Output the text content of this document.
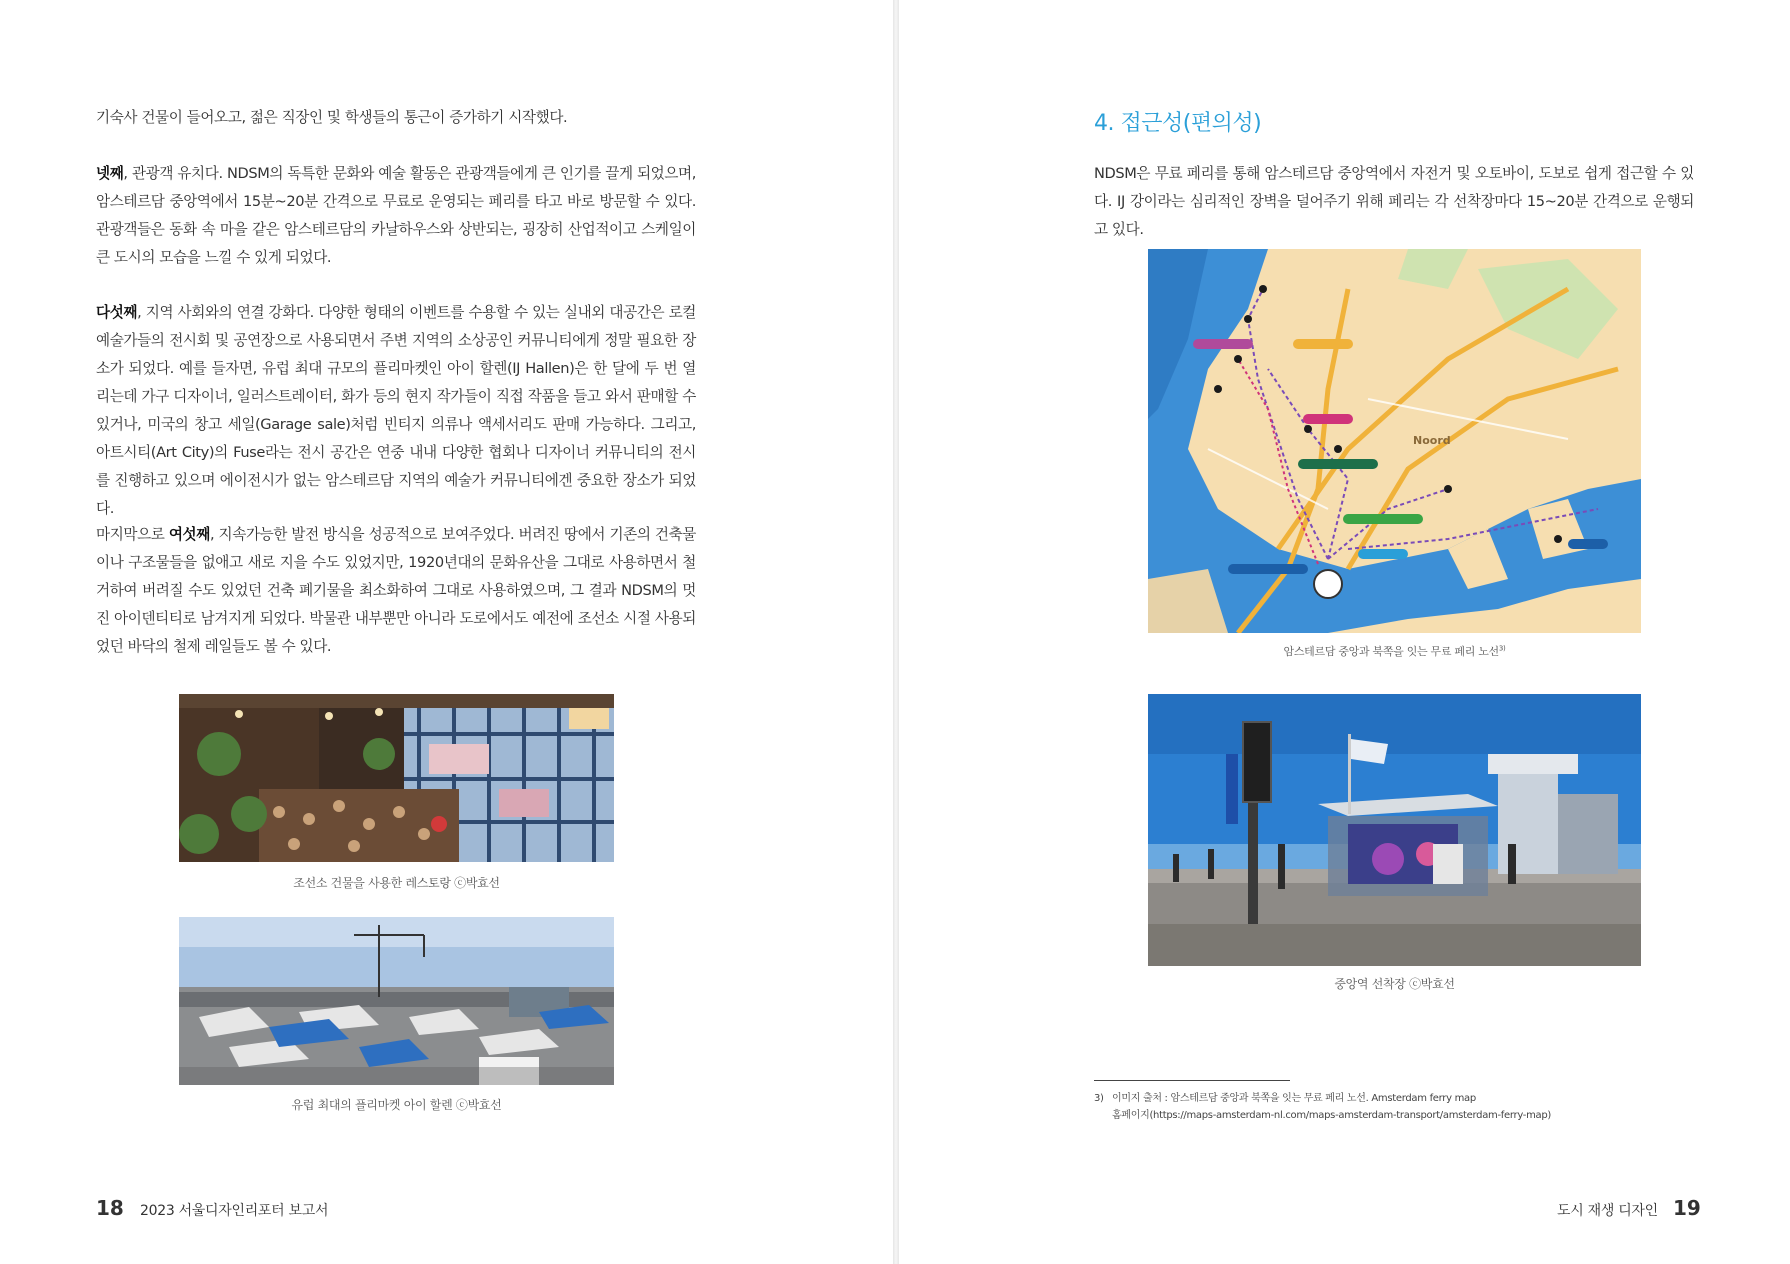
기숙사 건물이 들어오고, 젊은 직장인 및 학생들의 통근이 증가하기 시작했다.

넷째, 관광객 유치다. NDSM의 독특한 문화와 예술 활동은 관광객들에게 큰 인기를 끌게 되었으며, 암스테르담 중앙역에서 15분~20분 간격으로 무료로 운영되는 페리를 타고 바로 방문할 수 있다. 관광객들은 동화 속 마을 같은 암스테르담의 카날하우스와 상반되는, 굉장히 산업적이고 스케일이 큰 도시의 모습을 느낄 수 있게 되었다.

다섯째, 지역 사회와의 연결 강화다. 다양한 형태의 이벤트를 수용할 수 있는 실내외 대공간은 로컬 예술가들의 전시회 및 공연장으로 사용되면서 주변 지역의 소상공인 커뮤니티에게 정말 필요한 장소가 되었다. 예를 들자면, 유럽 최대 규모의 플리마켓인 아이 할렌(IJ Hallen)은 한 달에 두 번 열리는데 가구 디자이너, 일러스트레이터, 화가 등의 현지 작가들이 직접 작품을 들고 와서 판매할 수 있거나, 미국의 창고 세일(Garage sale)처럼 빈티지 의류나 액세서리도 판매 가능하다. 그리고, 아트시티(Art City)의 Fuse라는 전시 공간은 연중 내내 다양한 협회나 디자이너 커뮤니티의 전시를 진행하고 있으며 에이전시가 없는 암스테르담 지역의 예술가 커뮤니티에겐 중요한 장소가 되었다.

마지막으로 여섯째, 지속가능한 발전 방식을 성공적으로 보여주었다. 버려진 땅에서 기존의 건축물이나 구조물들을 없애고 새로 지을 수도 있었지만, 1920년대의 문화유산을 그대로 사용하면서 철거하여 버려질 수도 있었던 건축 폐기물을 최소화하여 그대로 사용하였으며, 그 결과 NDSM의 멋진 아이덴티티로 남겨지게 되었다. 박물관 내부뿐만 아니라 도로에서도 예전에 조선소 시절 사용되었던 바닥의 철제 레일들도 볼 수 있다.

조선소 건물을 사용한 레스토랑 ⓒ박효선
유럽 최대의 플리마켓 아이 할렌 ⓒ박효선
18 2023 서울디자인리포터 보고서
4. 접근성(편의성)

NDSM은 무료 페리를 통해 암스테르담 중앙역에서 자전거 및 오토바이, 도보로 쉽게 접근할 수 있다. IJ 강이라는 심리적인 장벽을 덜어주기 위해 페리는 각 선착장마다 15~20분 간격으로 운행되고 있다.

Noord
암스테르담 중앙과 북쪽을 잇는 무료 페리 노선$^{3)}$
중앙역 선착장 ⓒ박효선
3) 이미지 출처 : 암스테르담 중앙과 북쪽을 잇는 무료 페리 노선. Amsterdam ferry map
홈페이지(https://maps-amsterdam-nl.com/maps-amsterdam-transport/amsterdam-ferry-map)
도시 재생 디자인 19
